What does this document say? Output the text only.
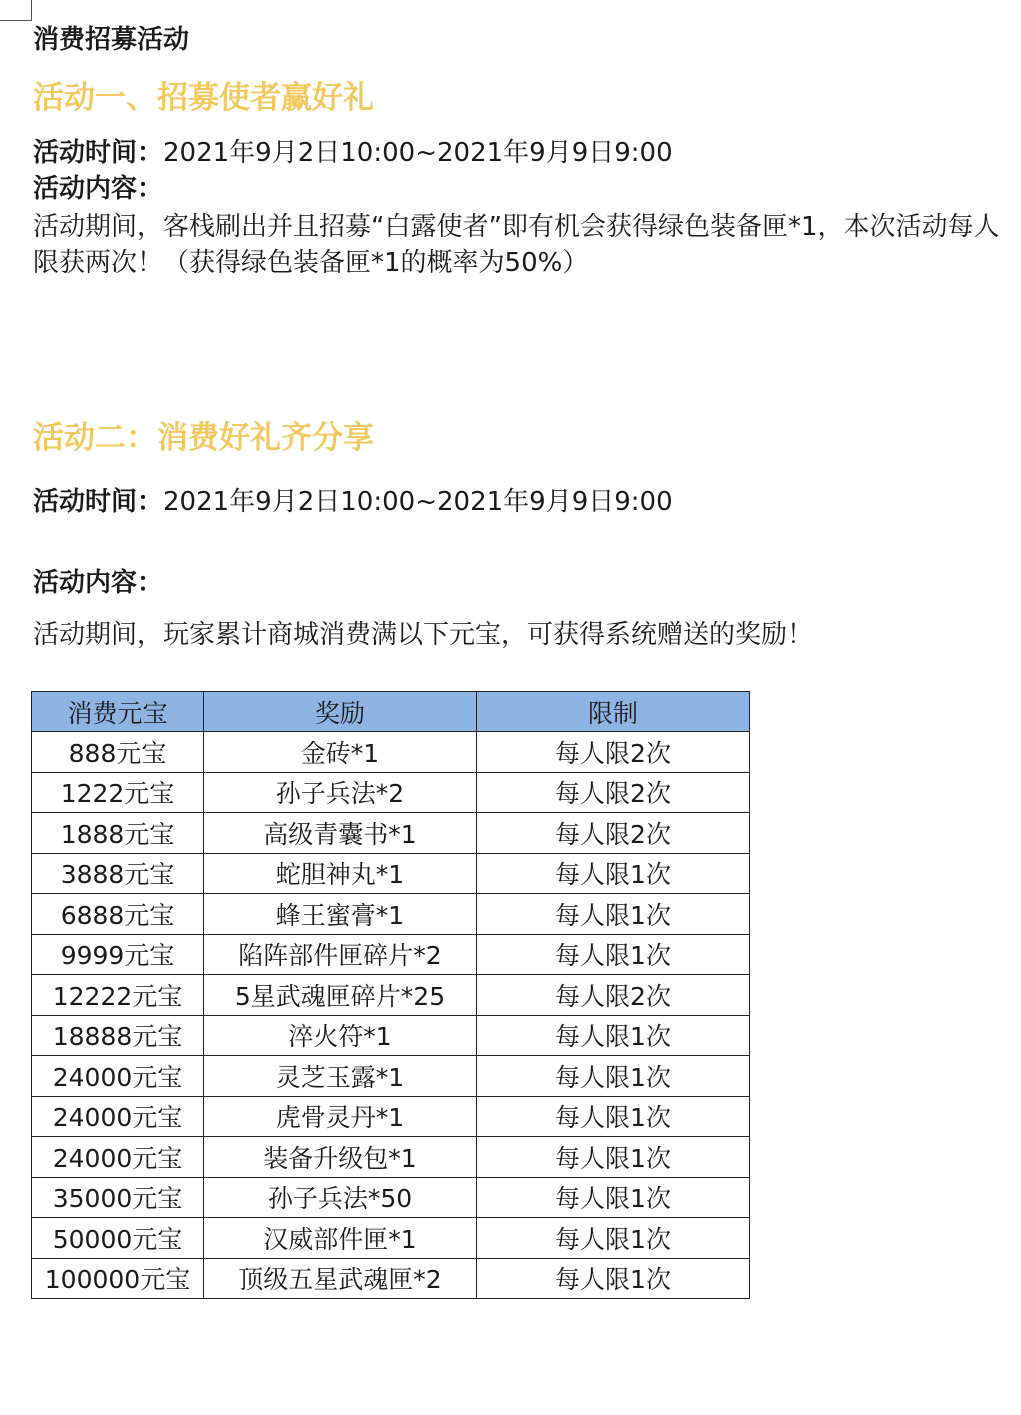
消费招募活动
活动一、招募使者赢好礼
活动时间：2021年9月2日10:00~2021年9月9日9:00
活动内容：
活动期间，客栈刷出并且招募“白露使者”即有机会获得绿色装备匣*1，本次活动每人限获两次！（获得绿色装备匣*1的概率为50%）
活动二：消费好礼齐分享
活动时间：2021年9月2日10:00~2021年9月9日9:00
活动内容：
活动期间，玩家累计商城消费满以下元宝，可获得系统赠送的奖励！
消费元宝	奖励	限制
888元宝	金砖*1	每人限2次
1222元宝	孙子兵法*2	每人限2次
1888元宝	高级青囊书*1	每人限2次
3888元宝	蛇胆神丸*1	每人限1次
6888元宝	蜂王蜜膏*1	每人限1次
9999元宝	陷阵部件匣碎片*2	每人限1次
12222元宝	5星武魂匣碎片*25	每人限2次
18888元宝	淬火符*1	每人限1次
24000元宝	灵芝玉露*1	每人限1次
24000元宝	虎骨灵丹*1	每人限1次
24000元宝	装备升级包*1	每人限1次
35000元宝	孙子兵法*50	每人限1次
50000元宝	汉威部件匣*1	每人限1次
100000元宝	顶级五星武魂匣*2	每人限1次
